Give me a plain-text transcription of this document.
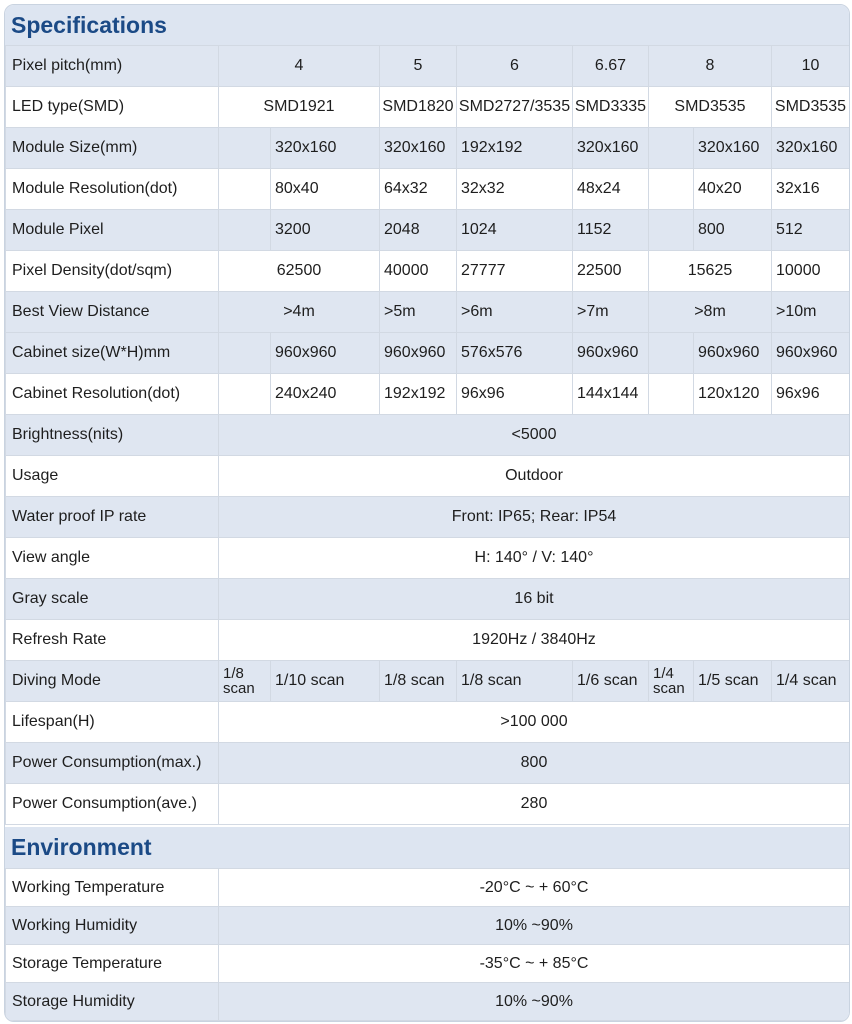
Specifications
Pixel pitch(mm)	4		5	6	6.67	8		10
LED type(SMD)	SMD1921		SMD1820	SMD2727/3535	SMD3335	SMD3535		SMD3535
Module Size(mm)		320x160	320x160	192x192	320x160		320x160	320x160
Module Resolution(dot)		80x40	64x32	32x32	48x24		40x20	32x16
Module Pixel		3200	2048	1024	1152		800	512
Pixel Density(dot/sqm)	62500		40000	27777	22500	15625		10000
Best View Distance	>4m		>5m	>6m	>7m	>8m		>10m
Cabinet size(W*H)mm		960x960	960x960	576x576	960x960		960x960	960x960
Cabinet Resolution(dot)		240x240	192x192	96x96	144x144		120x120	96x96
Brightness(nits)	<5000							
Usage	Outdoor							
Water proof IP rate	Front: IP65; Rear: IP54							
View angle	H: 140° / V: 140°							
Gray scale	16 bit							
Refresh Rate	1920Hz / 3840Hz							
Diving Mode	1/8 scan	1/10 scan	1/8 scan	1/8 scan	1/6 scan	1/4 scan	1/5 scan	1/4 scan
Lifespan(H)	>100 000							
Power Consumption(max.)	800							
Power Consumption(ave.)	280							
Environment
Working Temperature	-20°C ~ + 60°C
Working Humidity	10% ~90%
Storage Temperature	-35°C ~ + 85°C
Storage Humidity	10% ~90%
